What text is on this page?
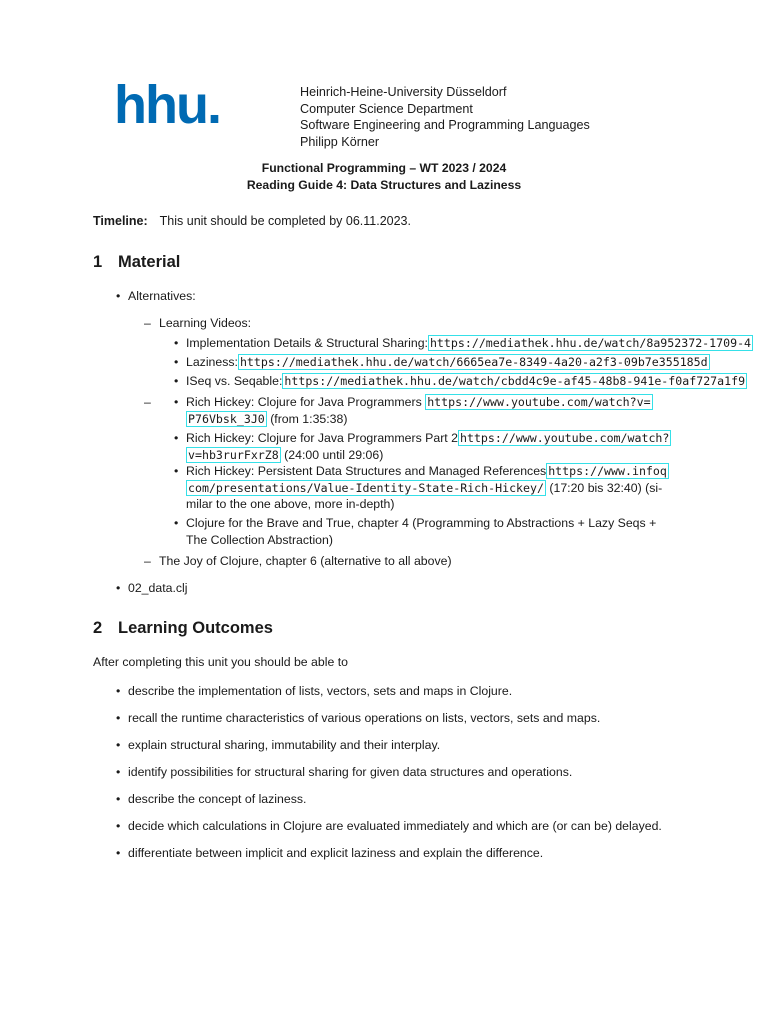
hhu.	Heinrich-Heine-University Düsseldorf
Computer Science Department
Software Engineering and Programming Languages
Philipp Körner
Functional Programming – WT 2023 / 2024
Reading Guide 4: Data Structures and Laziness
Timeline: This unit should be completed by 06.11.2023.
1 Material
• Alternatives:
– Learning Videos:
• Implementation Details & Structural Sharing: https://mediathek.hhu.de/watch/8a952372-1709-4
• Laziness: https://mediathek.hhu.de/watch/6665ea7e-8349-4a20-a2f3-09b7e355185d
• ISeq vs. Seqable: https://mediathek.hhu.de/watch/cbdd4c9e-af45-48b8-941e-f0af727a1f9
–
•	Rich Hickey: Clojure for Java Programmers https://www.youtube.com/watch?v=
P76Vbsk_3J0 (from 1:35:38)
• Rich Hickey: Clojure for Java Programmers Part 2 https://www.youtube.com/watch?
v=hb3rurFxrZ8 (24:00 until 29:06)
• Rich Hickey: Persistent Data Structures and Managed References https://www.infoq
com/presentations/Value-Identity-State-Rich-Hickey/ (17:20 bis 32:40) (si-
milar to the one above, more in-depth)
• Clojure for the Brave and True, chapter 4 (Programming to Abstractions + Lazy Seqs +
The Collection Abstraction)
– The Joy of Clojure, chapter 6 (alternative to all above)
• 02_data.clj
2 Learning Outcomes
After completing this unit you should be able to
• describe the implementation of lists, vectors, sets and maps in Clojure.
• recall the runtime characteristics of various operations on lists, vectors, sets and maps.
• explain structural sharing, immutability and their interplay.
• identify possibilities for structural sharing for given data structures and operations.
• describe the concept of laziness.
• decide which calculations in Clojure are evaluated immediately and which are (or can be) delayed.
• differentiate between implicit and explicit laziness and explain the difference.
